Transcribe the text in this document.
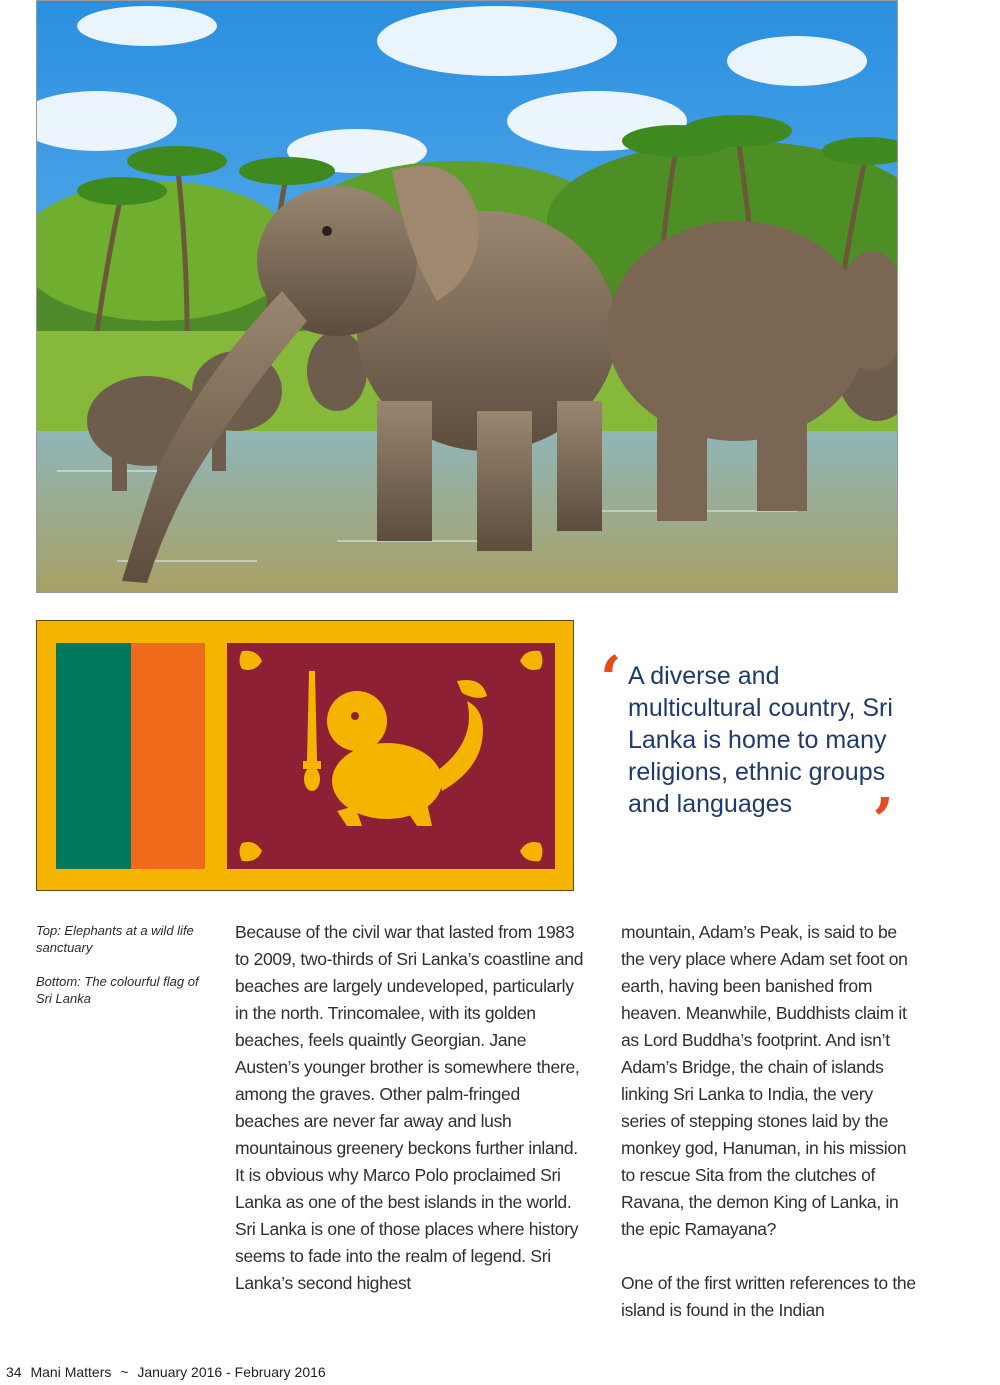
‘ A diverse and multicultural country, Sri Lanka is home to many religions, ethnic groups and languages	’

Top: Elephants at a wild life sanctuary

Bottom: The colourful flag of Sri Lanka

Because of the civil war that lasted from 1983 to 2009, two-thirds of Sri Lanka’s coastline and beaches are largely undeveloped, particularly in the north. Trincomalee, with its golden beaches, feels quaintly Georgian. Jane Austen’s younger brother is somewhere there, among the graves. Other palm-fringed beaches are never far away and lush mountainous greenery beckons further inland. It is obvious why Marco Polo proclaimed Sri Lanka as one of the best islands in the world. Sri Lanka is one of those places where history seems to fade into the realm of legend. Sri Lanka’s second highest

mountain, Adam’s Peak, is said to be the very place where Adam set foot on earth, having been banished from heaven. Meanwhile, Buddhists claim it as Lord Buddha’s footprint. And isn’t Adam’s Bridge, the chain of islands linking Sri Lanka to India, the very series of stepping stones laid by the monkey god, Hanuman, in his mission to rescue Sita from the clutches of Ravana, the demon King of Lanka, in the epic Ramayana?

One of the first written references to the island is found in the Indian

34 Mani Matters ~ January 2016 - February 2016
